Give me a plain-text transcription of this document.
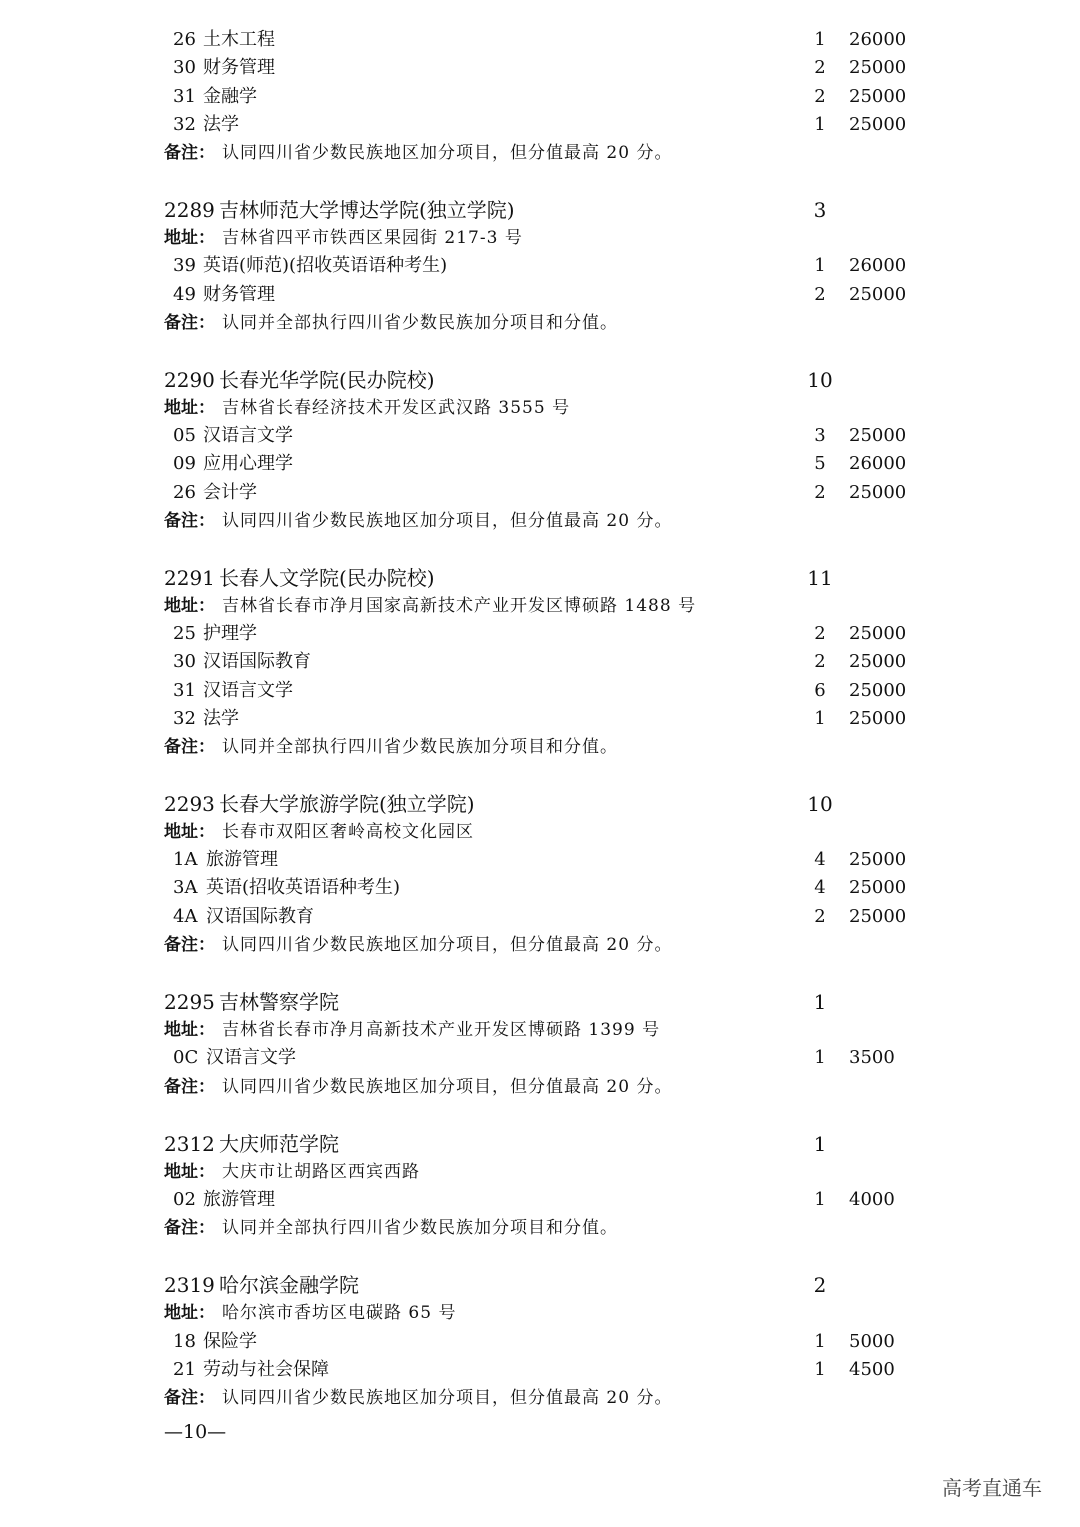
26 土木工程	1	26000
30 财务管理	2	25000
31 金融学	2	25000
32 法学	1	25000
备注： 认同四川省少数民族地区加分项目，但分值最高 20 分。
2289 吉林师范大学博达学院(独立学院)	3
地址： 吉林省四平市铁西区果园街 217-3 号
39 英语(师范)(招收英语语种考生)	1	26000
49 财务管理	2	25000
备注： 认同并全部执行四川省少数民族加分项目和分值。
2290 长春光华学院(民办院校)	10
地址： 吉林省长春经济技术开发区武汉路 3555 号
05 汉语言文学	3	25000
09 应用心理学	5	26000
26 会计学	2	25000
备注： 认同四川省少数民族地区加分项目，但分值最高 20 分。
2291 长春人文学院(民办院校)	11
地址： 吉林省长春市净月国家高新技术产业开发区博硕路 1488 号
25 护理学	2	25000
30 汉语国际教育	2	25000
31 汉语言文学	6	25000
32 法学	1	25000
备注： 认同并全部执行四川省少数民族加分项目和分值。
2293 长春大学旅游学院(独立学院)	10
地址： 长春市双阳区奢岭高校文化园区
1A 旅游管理	4	25000
3A 英语(招收英语语种考生)	4	25000
4A 汉语国际教育	2	25000
备注： 认同四川省少数民族地区加分项目，但分值最高 20 分。
2295 吉林警察学院	1
地址： 吉林省长春市净月高新技术产业开发区博硕路 1399 号
0C 汉语言文学	1	3500
备注： 认同四川省少数民族地区加分项目，但分值最高 20 分。
2312 大庆师范学院	1
地址： 大庆市让胡路区西宾西路
02 旅游管理	1	4000
备注： 认同并全部执行四川省少数民族加分项目和分值。
2319 哈尔滨金融学院	2
地址： 哈尔滨市香坊区电碳路 65 号
18 保险学	1	5000
21 劳动与社会保障	1	4500
备注： 认同四川省少数民族地区加分项目，但分值最高 20 分。
—10—
高考直通车
